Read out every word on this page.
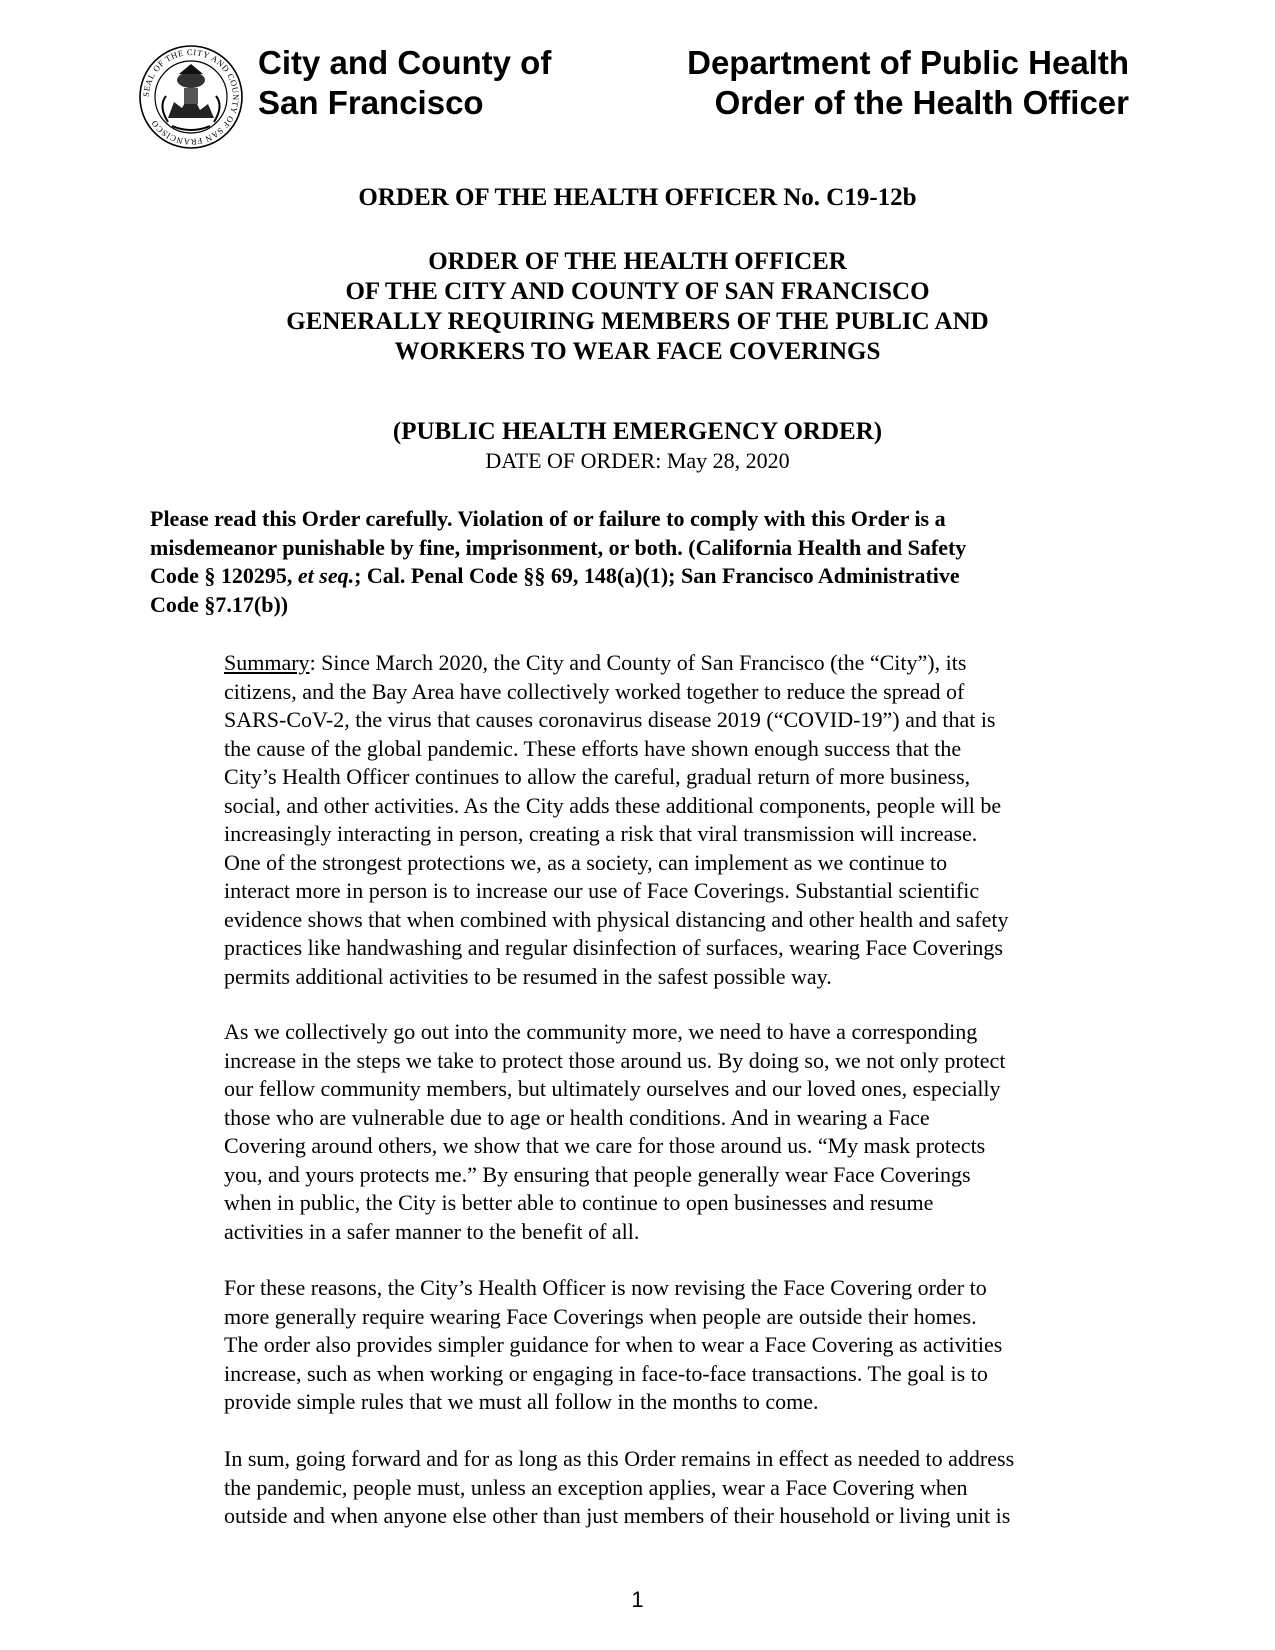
SEAL OF THE CITY AND COUNTY OF SAN FRANCISCO
City and County of
San Francisco
Department of Public Health
Order of the Health Officer
ORDER OF THE HEALTH OFFICER No. C19-12b
ORDER OF THE HEALTH OFFICER
OF THE CITY AND COUNTY OF SAN FRANCISCO
GENERALLY REQUIRING MEMBERS OF THE PUBLIC AND
WORKERS TO WEAR FACE COVERINGS
(PUBLIC HEALTH EMERGENCY ORDER)
DATE OF ORDER: May 28, 2020
Please read this Order carefully. Violation of or failure to comply with this Order is a
misdemeanor punishable by fine, imprisonment, or both. (California Health and Safety
Code § 120295, et seq.; Cal. Penal Code §§ 69, 148(a)(1); San Francisco Administrative
Code §7.17(b))
Summary: Since March 2020, the City and County of San Francisco (the “City”), its
citizens, and the Bay Area have collectively worked together to reduce the spread of
SARS-CoV-2, the virus that causes coronavirus disease 2019 (“COVID-19”) and that is
the cause of the global pandemic. These efforts have shown enough success that the
City’s Health Officer continues to allow the careful, gradual return of more business,
social, and other activities. As the City adds these additional components, people will be
increasingly interacting in person, creating a risk that viral transmission will increase.
One of the strongest protections we, as a society, can implement as we continue to
interact more in person is to increase our use of Face Coverings. Substantial scientific
evidence shows that when combined with physical distancing and other health and safety
practices like handwashing and regular disinfection of surfaces, wearing Face Coverings
permits additional activities to be resumed in the safest possible way.
As we collectively go out into the community more, we need to have a corresponding
increase in the steps we take to protect those around us. By doing so, we not only protect
our fellow community members, but ultimately ourselves and our loved ones, especially
those who are vulnerable due to age or health conditions. And in wearing a Face
Covering around others, we show that we care for those around us. “My mask protects
you, and yours protects me.” By ensuring that people generally wear Face Coverings
when in public, the City is better able to continue to open businesses and resume
activities in a safer manner to the benefit of all.
For these reasons, the City’s Health Officer is now revising the Face Covering order to
more generally require wearing Face Coverings when people are outside their homes.
The order also provides simpler guidance for when to wear a Face Covering as activities
increase, such as when working or engaging in face-to-face transactions. The goal is to
provide simple rules that we must all follow in the months to come.
In sum, going forward and for as long as this Order remains in effect as needed to address
the pandemic, people must, unless an exception applies, wear a Face Covering when
outside and when anyone else other than just members of their household or living unit is
1
